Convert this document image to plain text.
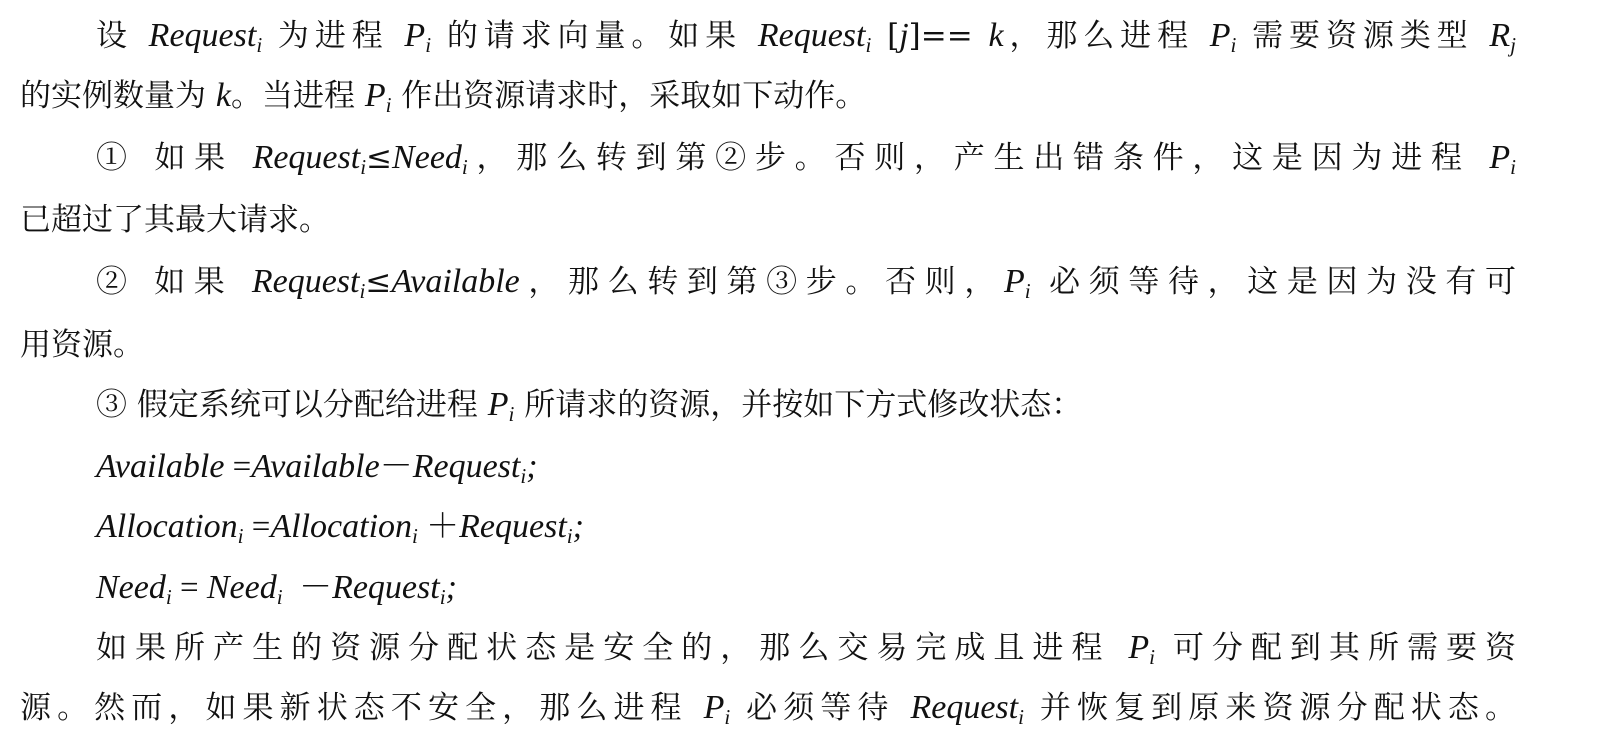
设 Request$_i$ 为进程 $P_i$ 的请求向量。如果 Request$_i$ [j]== k，那么进程 $P_i$ 需要资源类型 $R_j$
的实例数量为 k。当进程 $P_i$ 作出资源请求时，采取如下动作。
① 如果 Request$_i$≤Need$_i$，那么转到第②步。否则，产生出错条件，这是因为进程 $P_i$
已超过了其最大请求。
② 如果 Request$_i$≤Available，那么转到第③步。否则，$P_i$ 必须等待，这是因为没有可
用资源。
③ 假定系统可以分配给进程 $P_i$ 所请求的资源，并按如下方式修改状态：
Available =Available－Request$_i$;
Allocation$_i$ =Allocation$_i$ ＋Request$_i$;
Need$_i$ = Need$_i$  －Request$_i$;
如果所产生的资源分配状态是安全的，那么交易完成且进程 $P_i$ 可分配到其所需要资
源。然而，如果新状态不安全，那么进程 $P_i$ 必须等待 Request$_i$ 并恢复到原来资源分配状态。
